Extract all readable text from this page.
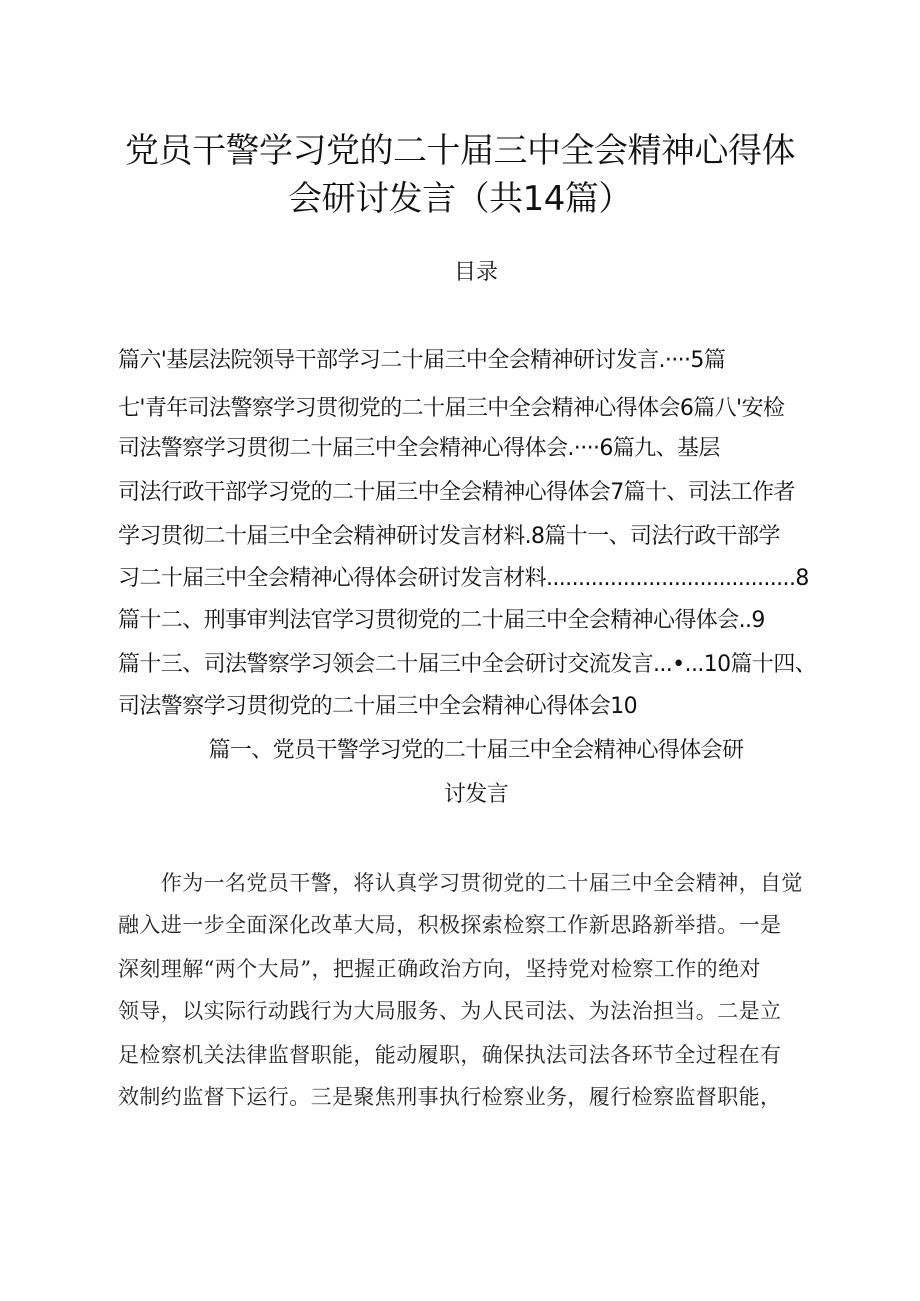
党员干警学习党的二十届三中全会精神心得体
会研讨发言（共14篇）
目录
篇六'基层法院领导干部学习二十届三中全会精神研讨发言.····5篇
七'青年司法警察学习贯彻党的二十届三中全会精神心得体会6篇八'安检
司法警察学习贯彻二十届三中全会精神心得体会.····6篇九、基层
司法行政干部学习党的二十届三中全会精神心得体会7篇十、司法工作者
学习贯彻二十届三中全会精神研讨发言材料.8篇十一、司法行政干部学
习二十届三中全会精神心得体会研讨发言材料.......................................8
篇十二、刑事审判法官学习贯彻党的二十届三中全会精神心得体会..9
篇十三、司法警察学习领会二十届三中全会研讨交流发言...•...10篇十四、
司法警察学习贯彻党的二十届三中全会精神心得体会10
篇一、党员干警学习党的二十届三中全会精神心得体会研
讨发言
　　作为一名党员干警，将认真学习贯彻党的二十届三中全会精神，自觉
融入进一步全面深化改革大局，积极探索检察工作新思路新举措。一是
深刻理解“两个大局”，把握正确政治方向，坚持党对检察工作的绝对
领导，以实际行动践行为大局服务、为人民司法、为法治担当。二是立
足检察机关法律监督职能，能动履职，确保执法司法各环节全过程在有
效制约监督下运行。三是聚焦刑事执行检察业务，履行检察监督职能，
